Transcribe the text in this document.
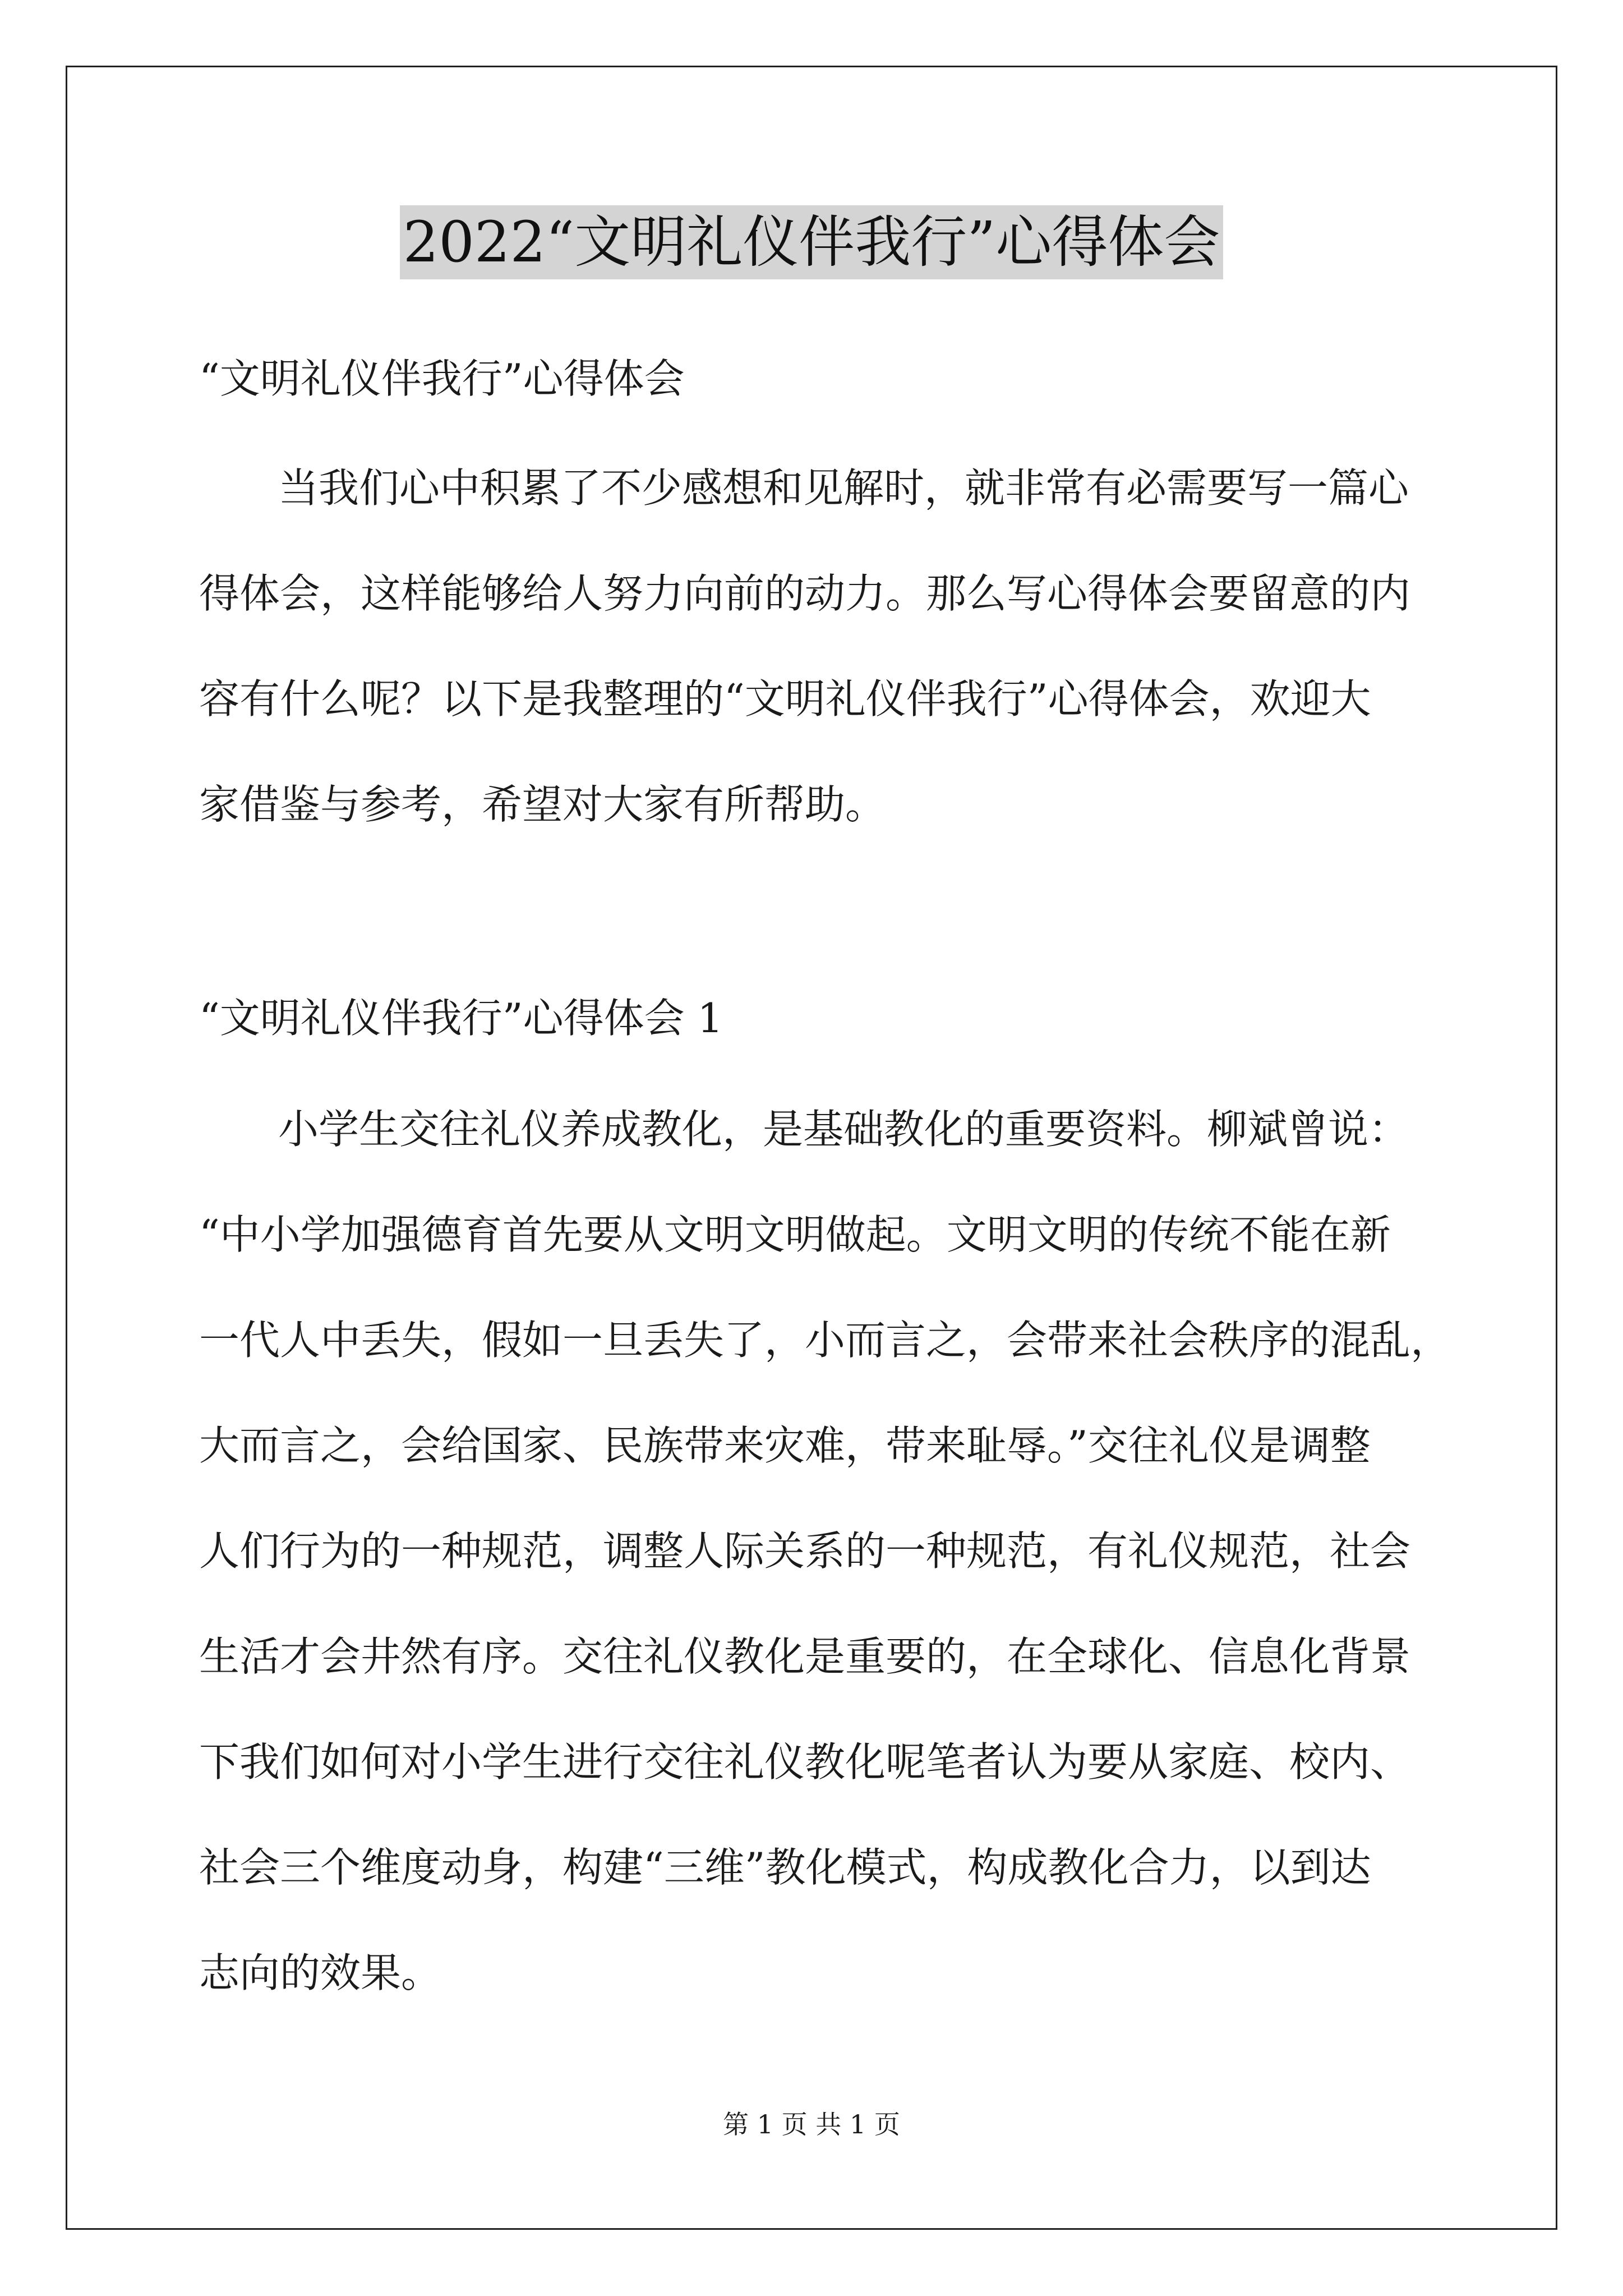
2022“文明礼仪伴我行”心得体会
“文明礼仪伴我行”心得体会
当我们心中积累了不少感想和见解时，就非常有必需要写一篇心
得体会，这样能够给人努力向前的动力。那么写心得体会要留意的内
容有什么呢？以下是我整理的“文明礼仪伴我行”心得体会，欢迎大
家借鉴与参考，希望对大家有所帮助。
“文明礼仪伴我行”心得体会 1
小学生交往礼仪养成教化，是基础教化的重要资料。柳斌曾说：
“中小学加强德育首先要从文明文明做起。文明文明的传统不能在新
一代人中丢失，假如一旦丢失了，小而言之，会带来社会秩序的混乱，
大而言之，会给国家、民族带来灾难，带来耻辱。”交往礼仪是调整
人们行为的一种规范，调整人际关系的一种规范，有礼仪规范，社会
生活才会井然有序。交往礼仪教化是重要的，在全球化、信息化背景
下我们如何对小学生进行交往礼仪教化呢笔者认为要从家庭、校内、
社会三个维度动身，构建“三维”教化模式，构成教化合力，以到达
志向的效果。
第 1 页 共 1 页
